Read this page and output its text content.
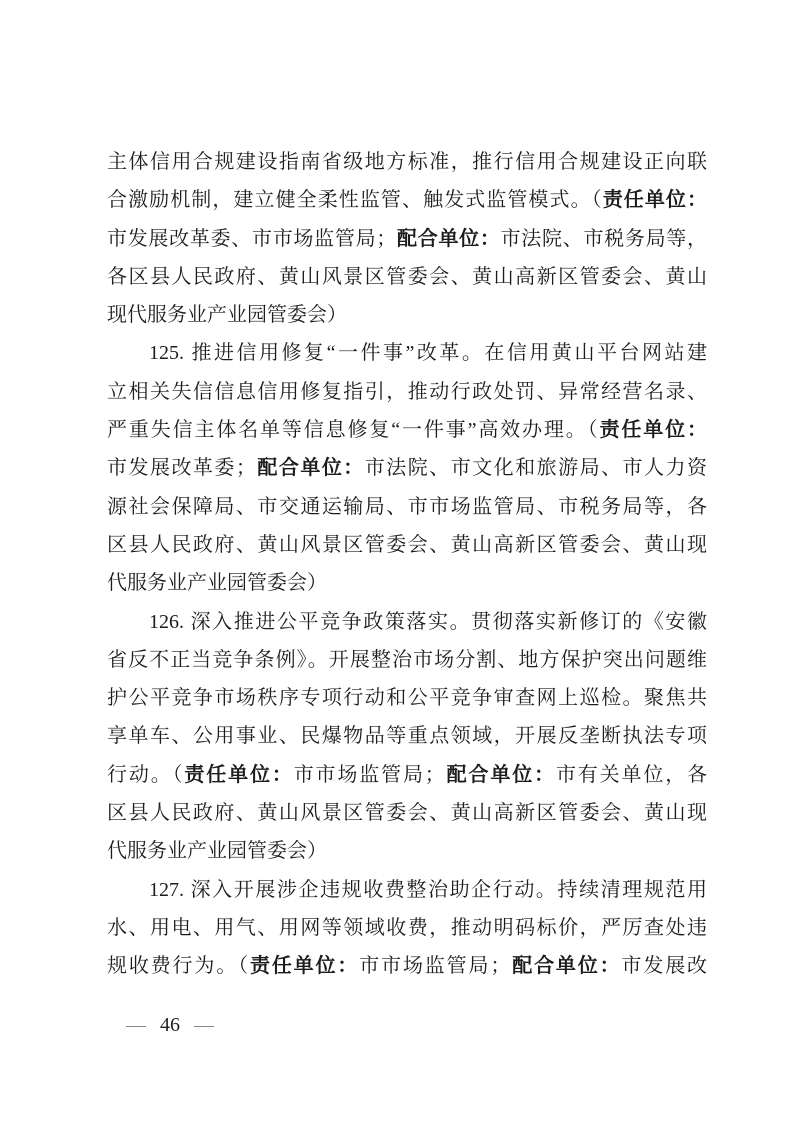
主体信用合规建设指南省级地方标准，推行信用合规建设正向联
合激励机制，建立健全柔性监管、触发式监管模式。（责任单位：
市发展改革委、市市场监管局；配合单位：市法院、市税务局等，
各区县人民政府、黄山风景区管委会、黄山高新区管委会、黄山
现代服务业产业园管委会）
125. 推进信用修复“一件事”改革。在信用黄山平台网站建
立相关失信信息信用修复指引，推动行政处罚、异常经营名录、
严重失信主体名单等信息修复“一件事”高效办理。（责任单位：
市发展改革委；配合单位：市法院、市文化和旅游局、市人力资
源社会保障局、市交通运输局、市市场监管局、市税务局等，各
区县人民政府、黄山风景区管委会、黄山高新区管委会、黄山现
代服务业产业园管委会）
126. 深入推进公平竞争政策落实。贯彻落实新修订的《安徽
省反不正当竞争条例》。开展整治市场分割、地方保护突出问题维
护公平竞争市场秩序专项行动和公平竞争审查网上巡检。聚焦共
享单车、公用事业、民爆物品等重点领域，开展反垄断执法专项
行动。（责任单位：市市场监管局；配合单位：市有关单位，各
区县人民政府、黄山风景区管委会、黄山高新区管委会、黄山现
代服务业产业园管委会）
127. 深入开展涉企违规收费整治助企行动。持续清理规范用
水、用电、用气、用网等领域收费，推动明码标价，严厉查处违
规收费行为。（责任单位：市市场监管局；配合单位：市发展改
— 46 —
